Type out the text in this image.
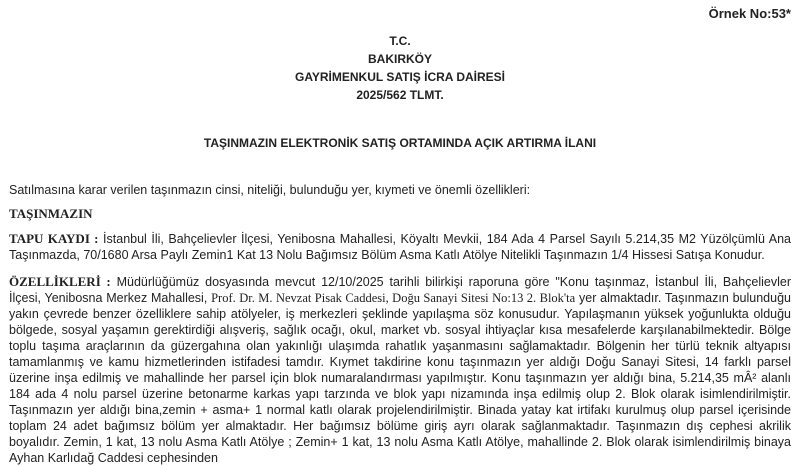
Örnek No:53*
T.C.
BAKIRKÖY
GAYRİMENKUL SATIŞ İCRA DAİRESİ
2025/562 TLMT.
TAŞINMAZIN ELEKTRONİK SATIŞ ORTAMINDA AÇIK ARTIRMA İLANI
Satılmasına karar verilen taşınmazın cinsi, niteliği, bulunduğu yer, kıymeti ve önemli özellikleri:
TAŞINMAZIN

TAPU KAYDI : İstanbul İli, Bahçelievler İlçesi, Yenibosna Mahallesi, Köyaltı Mevkii, 184 Ada 4 Parsel Sayılı 5.214,35 M2 Yüzölçümlü Ana Taşınmazda, 70/1680 Arsa Paylı Zemin1 Kat 13 Nolu Bağımsız Bölüm Asma Katlı Atölye Nitelikli Taşınmazın 1/4 Hissesi Satışa Konudur.

ÖZELLİKLERİ : Müdürlüğümüz dosyasında mevcut 12/10/2025 tarihli bilirkişi raporuna göre "Konu taşınmaz, İstanbul İli, Bahçelievler İlçesi, Yenibosna Merkez Mahallesi, Prof. Dr. M. Nevzat Pisak Caddesi, Doğu Sanayi Sitesi No:13 2. Blok'ta yer almaktadır. Taşınmazın bulunduğu yakın çevrede benzer özelliklere sahip atölyeler, iş merkezleri şeklinde yapılaşma söz konusudur. Yapılaşmanın yüksek yoğunlukta olduğu bölgede, sosyal yaşamın gerektirdiği alışveriş, sağlık ocağı, okul, market vb. sosyal ihtiyaçlar kısa mesafelerde karşılanabilmektedir. Bölge toplu taşıma araçlarının da güzergahına olan yakınlığı ulaşımda rahatlık yaşanmasını sağlamaktadır. Bölgenin her türlü teknik altyapısı tamamlanmış ve kamu hizmetlerinden istifadesi tamdır. Kıymet takdirine konu taşınmazın yer aldığı Doğu Sanayi Sitesi, 14 farklı parsel üzerine inşa edilmiş ve mahallinde her parsel için blok numaralandırması yapılmıştır. Konu taşınmazın yer aldığı bina, 5.214,35 mÂ² alanlı 184 ada 4 nolu parsel üzerine betonarme karkas yapı tarzında ve blok yapı nizamında inşa edilmiş olup 2. Blok olarak isimlendirilmiştir. Taşınmazın yer aldığı bina,zemin + asma+ 1 normal katlı olarak projelendirilmiştir. Binada yatay kat irtifakı kurulmuş olup parsel içerisinde toplam 24 adet bağımsız bölüm yer almaktadır. Her bağımsız bölüme giriş ayrı olarak sağlanmaktadır. Taşınmazın dış cephesi akrilik boyalıdır. Zemin, 1 kat, 13 nolu Asma Katlı Atölye ; Zemin+ 1 kat, 13 nolu Asma Katlı Atölye, mahallinde 2. Blok olarak isimlendirilmiş binaya Ayhan Karlıdağ Caddesi cephesinden
